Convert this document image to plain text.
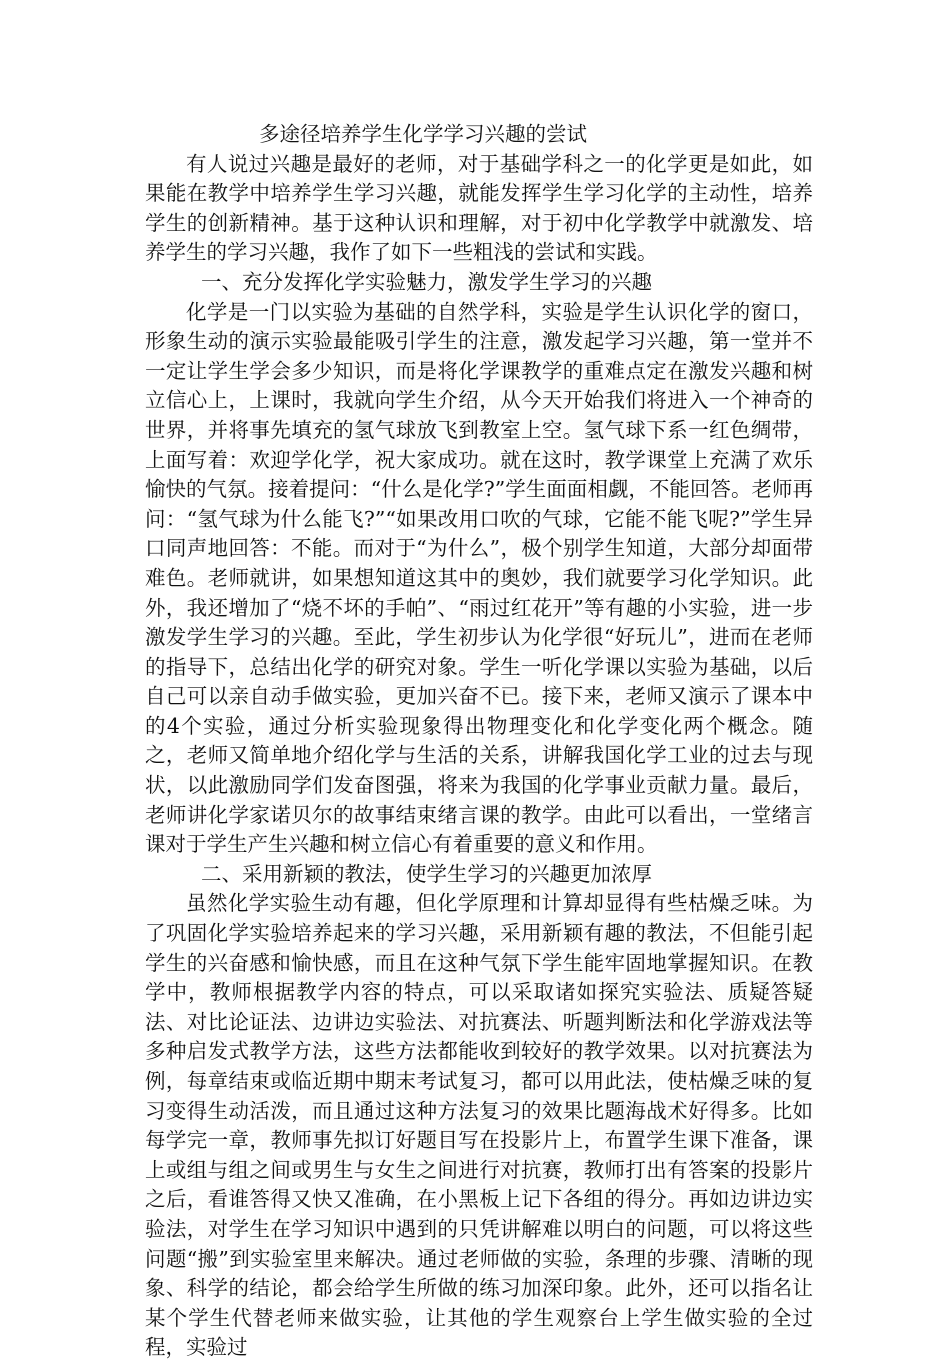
多途径培养学生化学学习兴趣的尝试

有人说过兴趣是最好的老师，对于基础学科之一的化学更是如此，如果能在教学中培养学生学习兴趣，就能发挥学生学习化学的主动性，培养学生的创新精神。基于这种认识和理解，对于初中化学教学中就激发、培养学生的学习兴趣，我作了如下一些粗浅的尝试和实践。

一、充分发挥化学实验魅力，激发学生学习的兴趣

化学是一门以实验为基础的自然学科，实验是学生认识化学的窗口，形象生动的演示实验最能吸引学生的注意，激发起学习兴趣，第一堂并不一定让学生学会多少知识，而是将化学课教学的重难点定在激发兴趣和树立信心上，上课时，我就向学生介绍，从今天开始我们将进入一个神奇的世界，并将事先填充的氢气球放飞到教室上空。氢气球下系一红色绸带，上面写着：欢迎学化学，祝大家成功。就在这时，教学课堂上充满了欢乐愉快的气氛。接着提问：“什么是化学?”学生面面相觑，不能回答。老师再问：“氢气球为什么能飞?”“如果改用口吹的气球，它能不能飞呢?”学生异口同声地回答：不能。而对于“为什么”，极个别学生知道，大部分却面带难色。老师就讲，如果想知道这其中的奥妙，我们就要学习化学知识。此外，我还增加了“烧不坏的手帕”、“雨过红花开”等有趣的小实验，进一步激发学生学习的兴趣。至此，学生初步认为化学很“好玩儿”，进而在老师的指导下，总结出化学的研究对象。学生一听化学课以实验为基础，以后自己可以亲自动手做实验，更加兴奋不已。接下来，老师又演示了课本中的4个实验，通过分析实验现象得出物理变化和化学变化两个概念。随之，老师又简单地介绍化学与生活的关系，讲解我国化学工业的过去与现状，以此激励同学们发奋图强，将来为我国的化学事业贡献力量。最后，老师讲化学家诺贝尔的故事结束绪言课的教学。由此可以看出，一堂绪言课对于学生产生兴趣和树立信心有着重要的意义和作用。

二、采用新颖的教法，使学生学习的兴趣更加浓厚

虽然化学实验生动有趣，但化学原理和计算却显得有些枯燥乏味。为了巩固化学实验培养起来的学习兴趣，采用新颖有趣的教法，不但能引起学生的兴奋感和愉快感，而且在这种气氛下学生能牢固地掌握知识。在教学中，教师根据教学内容的特点，可以采取诸如探究实验法、质疑答疑法、对比论证法、边讲边实验法、对抗赛法、听题判断法和化学游戏法等多种启发式教学方法，这些方法都能收到较好的教学效果。以对抗赛法为例，每章结束或临近期中期末考试复习，都可以用此法，使枯燥乏味的复习变得生动活泼，而且通过这种方法复习的效果比题海战术好得多。比如每学完一章，教师事先拟订好题目写在投影片上，布置学生课下准备，课上或组与组之间或男生与女生之间进行对抗赛，教师打出有答案的投影片之后，看谁答得又快又准确，在小黑板上记下各组的得分。再如边讲边实验法，对学生在学习知识中遇到的只凭讲解难以明白的问题，可以将这些问题“搬”到实验室里来解决。通过老师做的实验，条理的步骤、清晰的现象、科学的结论，都会给学生所做的练习加深印象。此外，还可以指名让某个学生代替老师来做实验，让其他的学生观察台上学生做实验的全过程，实验过
